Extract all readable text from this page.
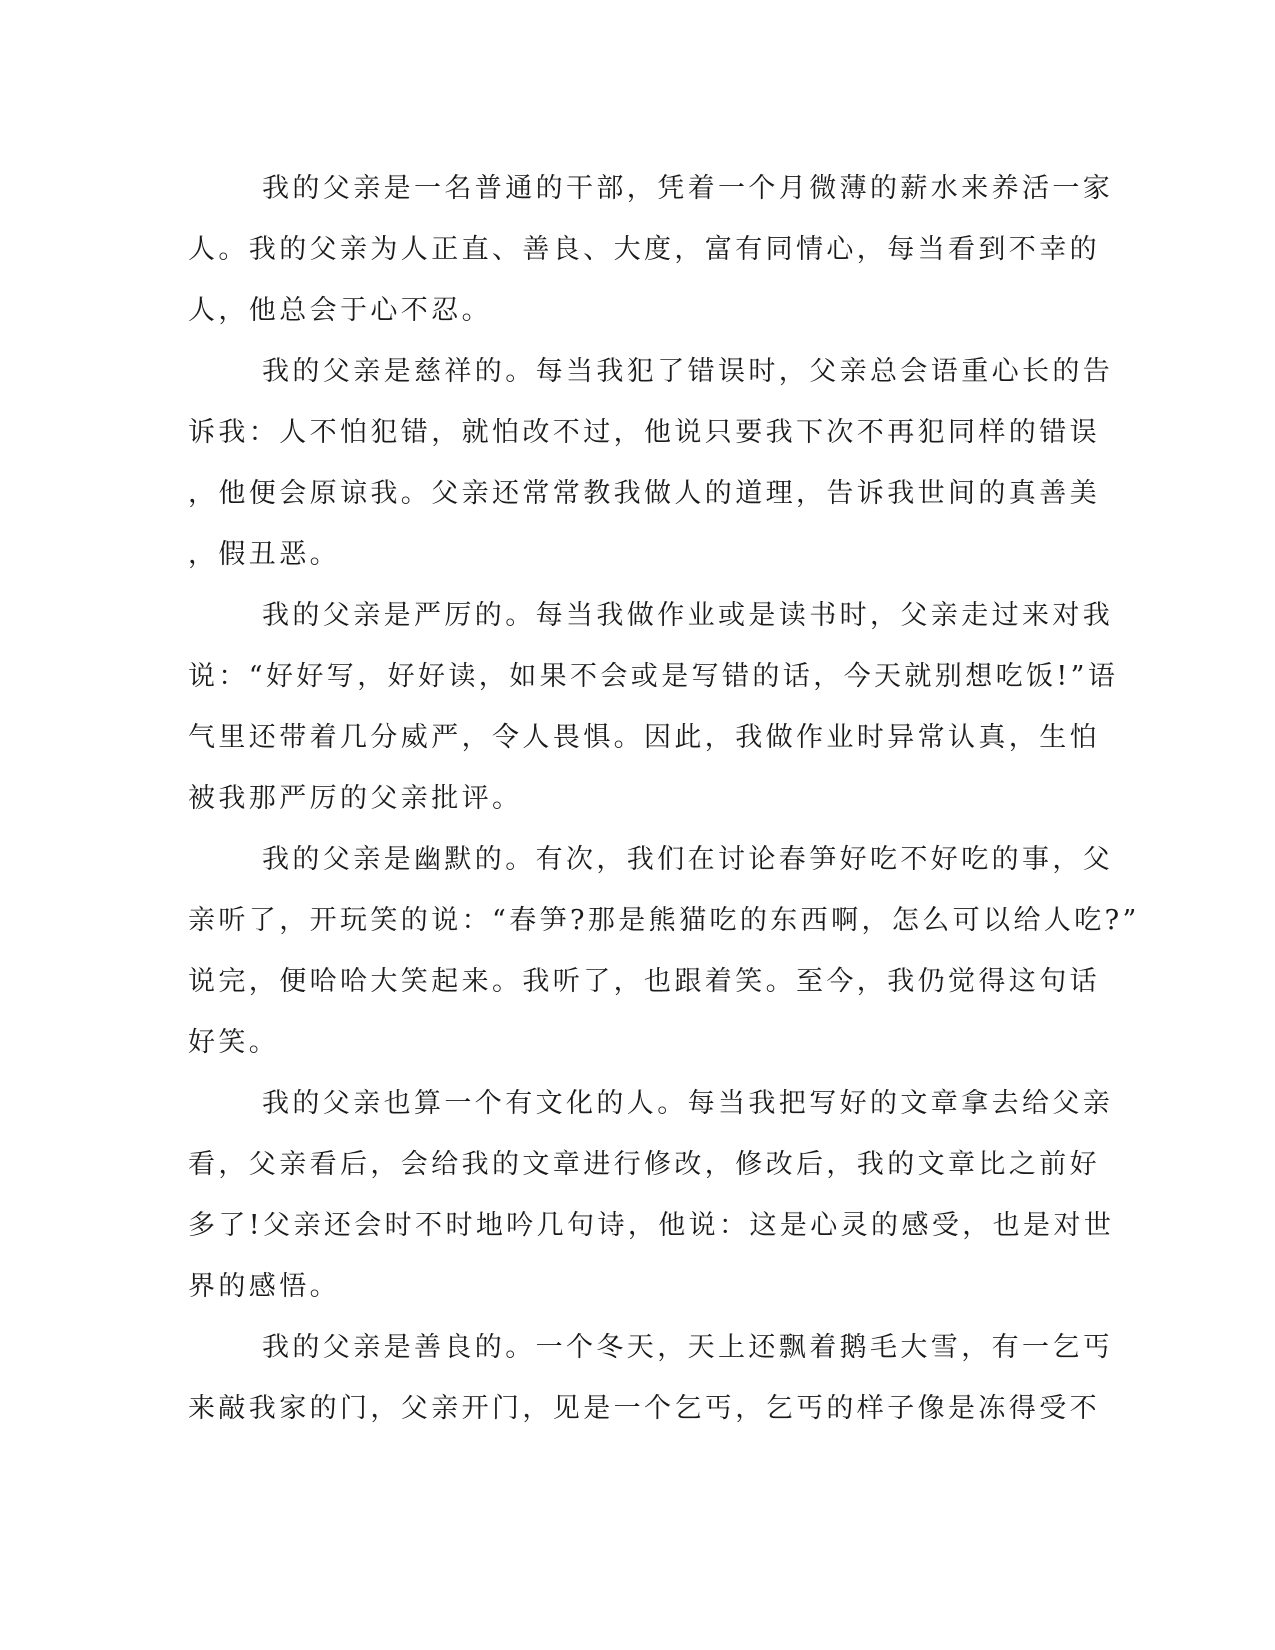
我的父亲是一名普通的干部，凭着一个月微薄的薪水来养活一家
人。我的父亲为人正直、善良、大度，富有同情心，每当看到不幸的
人，他总会于心不忍。

我的父亲是慈祥的。每当我犯了错误时，父亲总会语重心长的告
诉我：人不怕犯错，就怕改不过，他说只要我下次不再犯同样的错误
，他便会原谅我。父亲还常常教我做人的道理，告诉我世间的真善美
，假丑恶。

我的父亲是严厉的。每当我做作业或是读书时，父亲走过来对我
说：“好好写，好好读，如果不会或是写错的话，今天就别想吃饭!”语
气里还带着几分威严，令人畏惧。因此，我做作业时异常认真，生怕
被我那严厉的父亲批评。

我的父亲是幽默的。有次，我们在讨论春笋好吃不好吃的事，父
亲听了，开玩笑的说：“春笋?那是熊猫吃的东西啊，怎么可以给人吃?”
说完，便哈哈大笑起来。我听了，也跟着笑。至今，我仍觉得这句话
好笑。

我的父亲也算一个有文化的人。每当我把写好的文章拿去给父亲
看，父亲看后，会给我的文章进行修改，修改后，我的文章比之前好
多了!父亲还会时不时地吟几句诗，他说：这是心灵的感受，也是对世
界的感悟。

我的父亲是善良的。一个冬天，天上还飘着鹅毛大雪，有一乞丐
来敲我家的门，父亲开门，见是一个乞丐，乞丐的样子像是冻得受不
